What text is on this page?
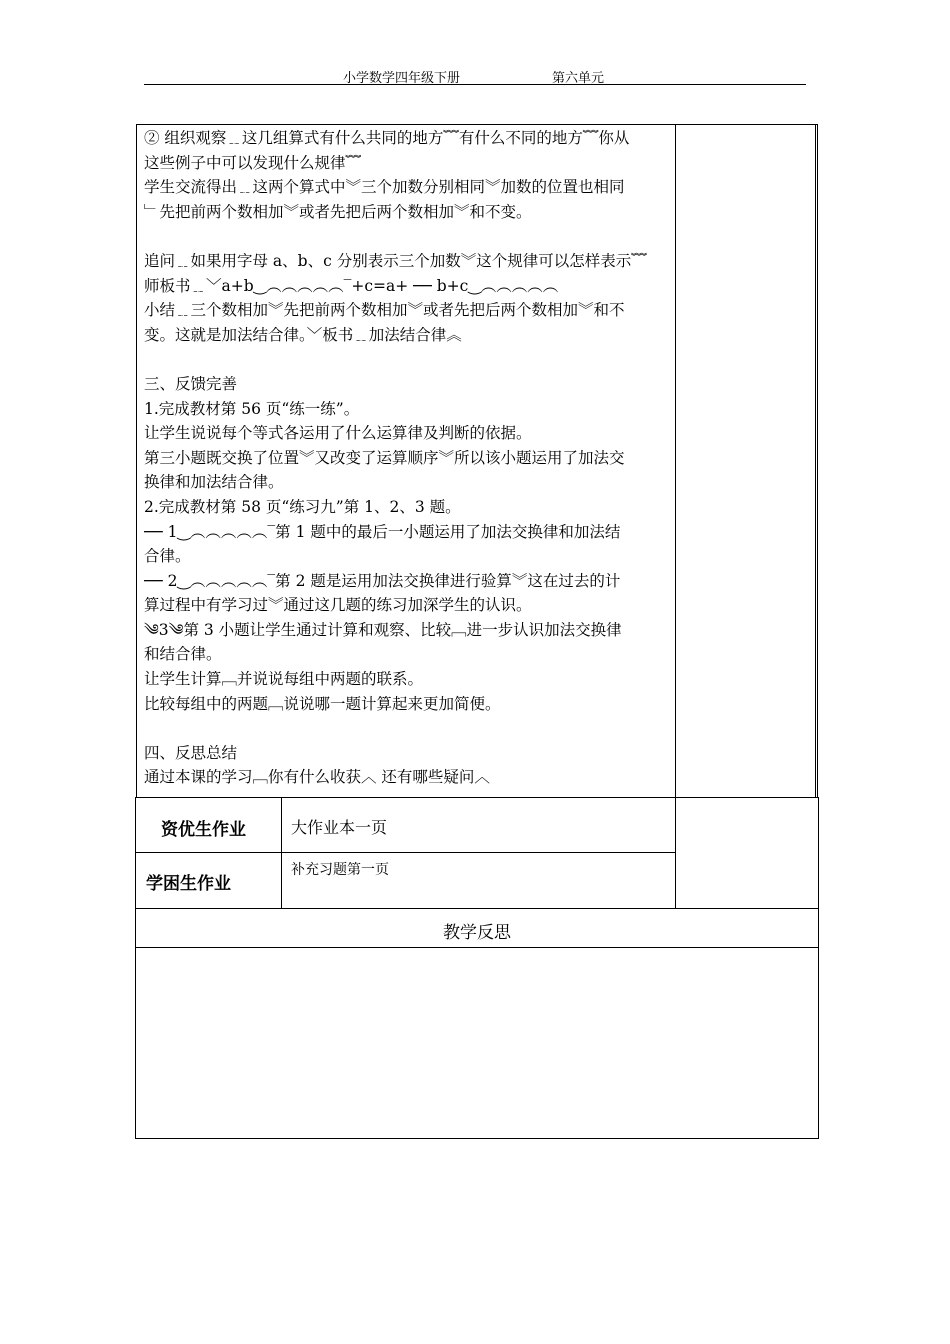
小学数学四年级下册	第六单元

② 组织观察﹎这几组算式有什么共同的地方﹌有什么不同的地方﹌你从

这些例子中可以发现什么规律﹌

学生交流得出﹎这两个算式中︾三个加数分别相同︾加数的位置也相同

﹂先把前两个数相加︾或者先把后两个数相加︾和不变。

追问﹎如果用字母 a、b、c 分别表示三个加数︾这个规律可以怎样表示﹌

师板书﹎﹀a+b‿︵︵︵︵︵‾+c=a+ ── b+c‿︵︵︵︵︵

小结﹎三个数相加︾先把前两个数相加︾或者先把后两个数相加︾和不

变。这就是加法结合律。﹀板书﹎加法结合律︽

三、反馈完善

1.完成教材第 56 页“练一练”。

让学生说说每个等式各运用了什么运算律及判断的依据。

第三小题既交换了位置︾又改变了运算顺序︾所以该小题运用了加法交

换律和加法结合律。

2.完成教材第 58 页“练习九”第 1、2、3 题。

── 1‿︵︵︵︵︵‾第 1 题中的最后一小题运用了加法交换律和加法结

合律。

── 2‿︵︵︵︵︵‾第 2 题是运用加法交换律进行验算︾这在过去的计

算过程中有学习过︾通过这几题的练习加深学生的认识。

༄3༄第 3 小题让学生通过计算和观察、比较﹇进一步认识加法交换律

和结合律。

让学生计算﹇并说说每组中两题的联系。

比较每组中的两题﹇说说哪一题计算起来更加简便。

四、反思总结

通过本课的学习﹇你有什么收获︿ 还有哪些疑问︿

资优生作业	大作业本一页
学困生作业
补充习题第一页
教学反思
